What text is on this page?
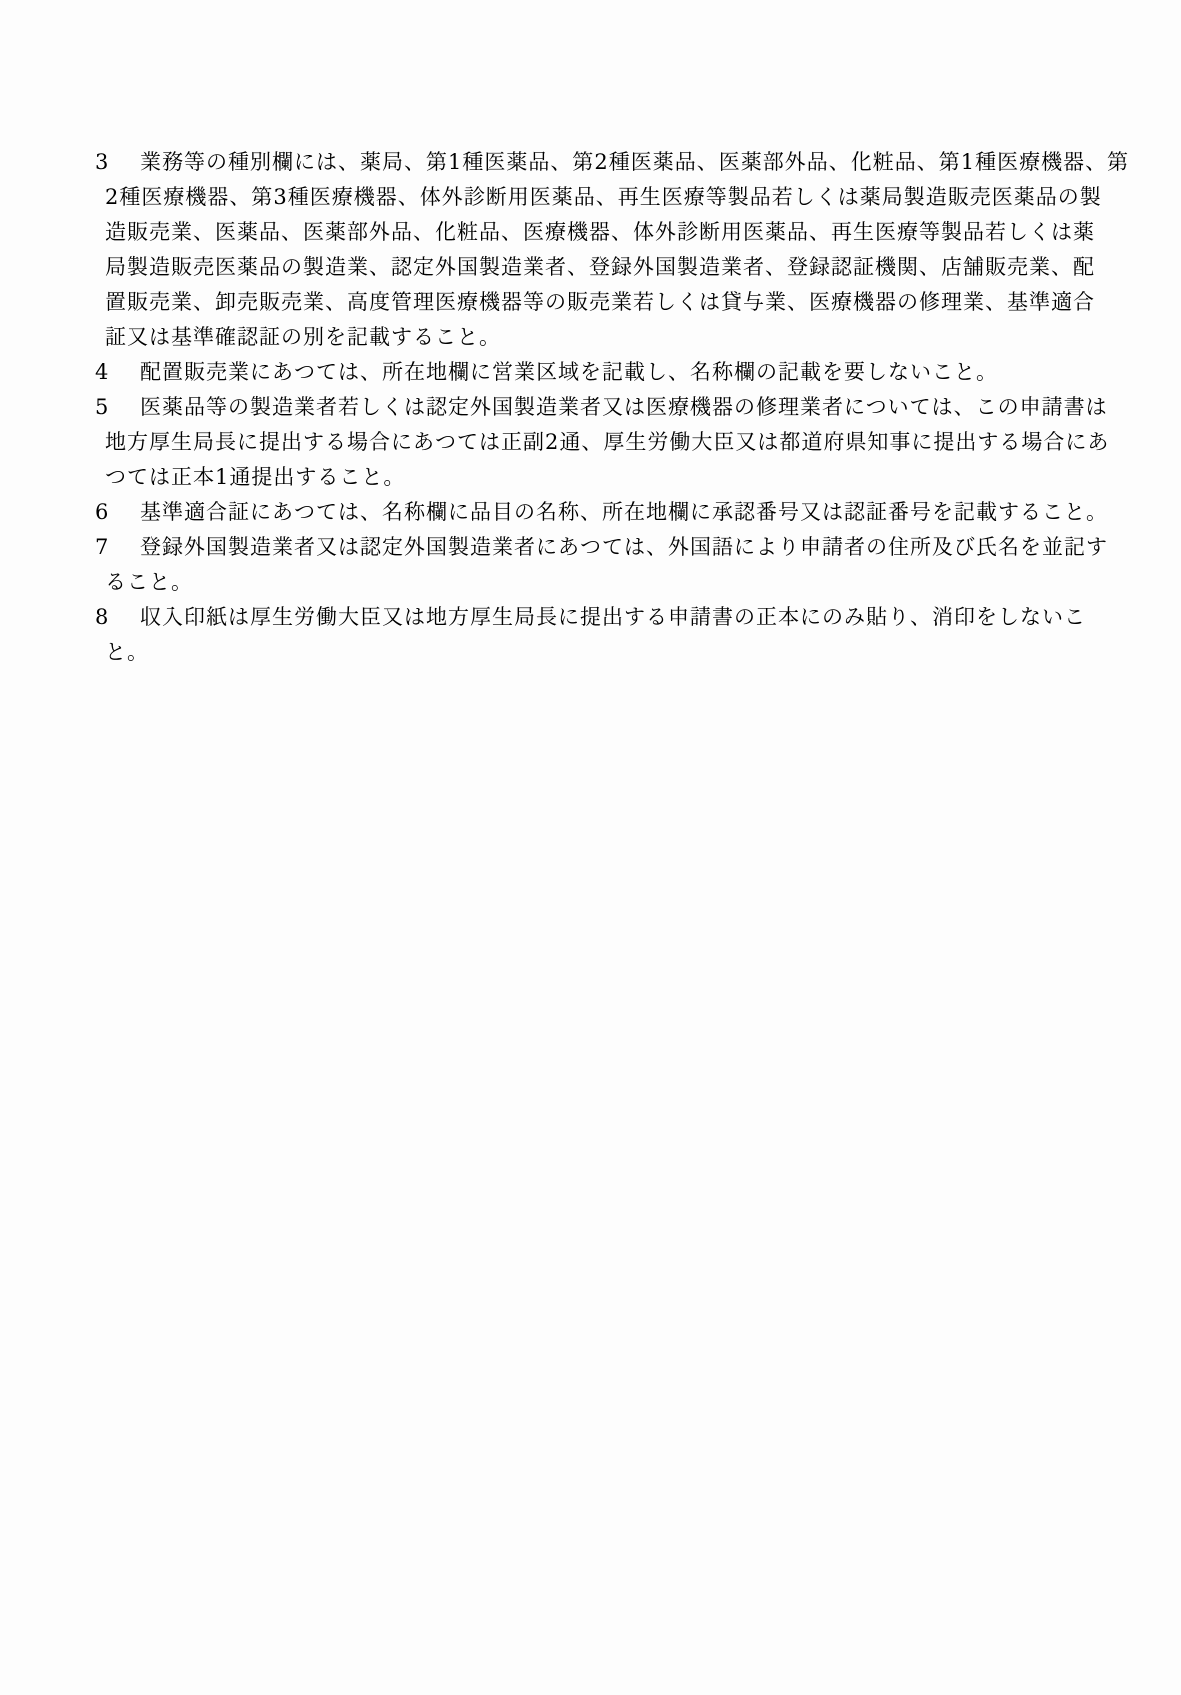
3 業務等の種別欄には、薬局、第1種医薬品、第2種医薬品、医薬部外品、化粧品、第1種医療機器、第
2種医療機器、第3種医療機器、体外診断用医薬品、再生医療等製品若しくは薬局製造販売医薬品の製
造販売業、医薬品、医薬部外品、化粧品、医療機器、体外診断用医薬品、再生医療等製品若しくは薬
局製造販売医薬品の製造業、認定外国製造業者、登録外国製造業者、登録認証機関、店舗販売業、配
置販売業、卸売販売業、高度管理医療機器等の販売業若しくは貸与業、医療機器の修理業、基準適合
証又は基準確認証の別を記載すること。
4 配置販売業にあつては、所在地欄に営業区域を記載し、名称欄の記載を要しないこと。
5 医薬品等の製造業者若しくは認定外国製造業者又は医療機器の修理業者については、この申請書は
地方厚生局長に提出する場合にあつては正副2通、厚生労働大臣又は都道府県知事に提出する場合にあ
つては正本1通提出すること。
6 基準適合証にあつては、名称欄に品目の名称、所在地欄に承認番号又は認証番号を記載すること。
7 登録外国製造業者又は認定外国製造業者にあつては、外国語により申請者の住所及び氏名を並記す
ること。
8 収入印紙は厚生労働大臣又は地方厚生局長に提出する申請書の正本にのみ貼り、消印をしないこ
と。
